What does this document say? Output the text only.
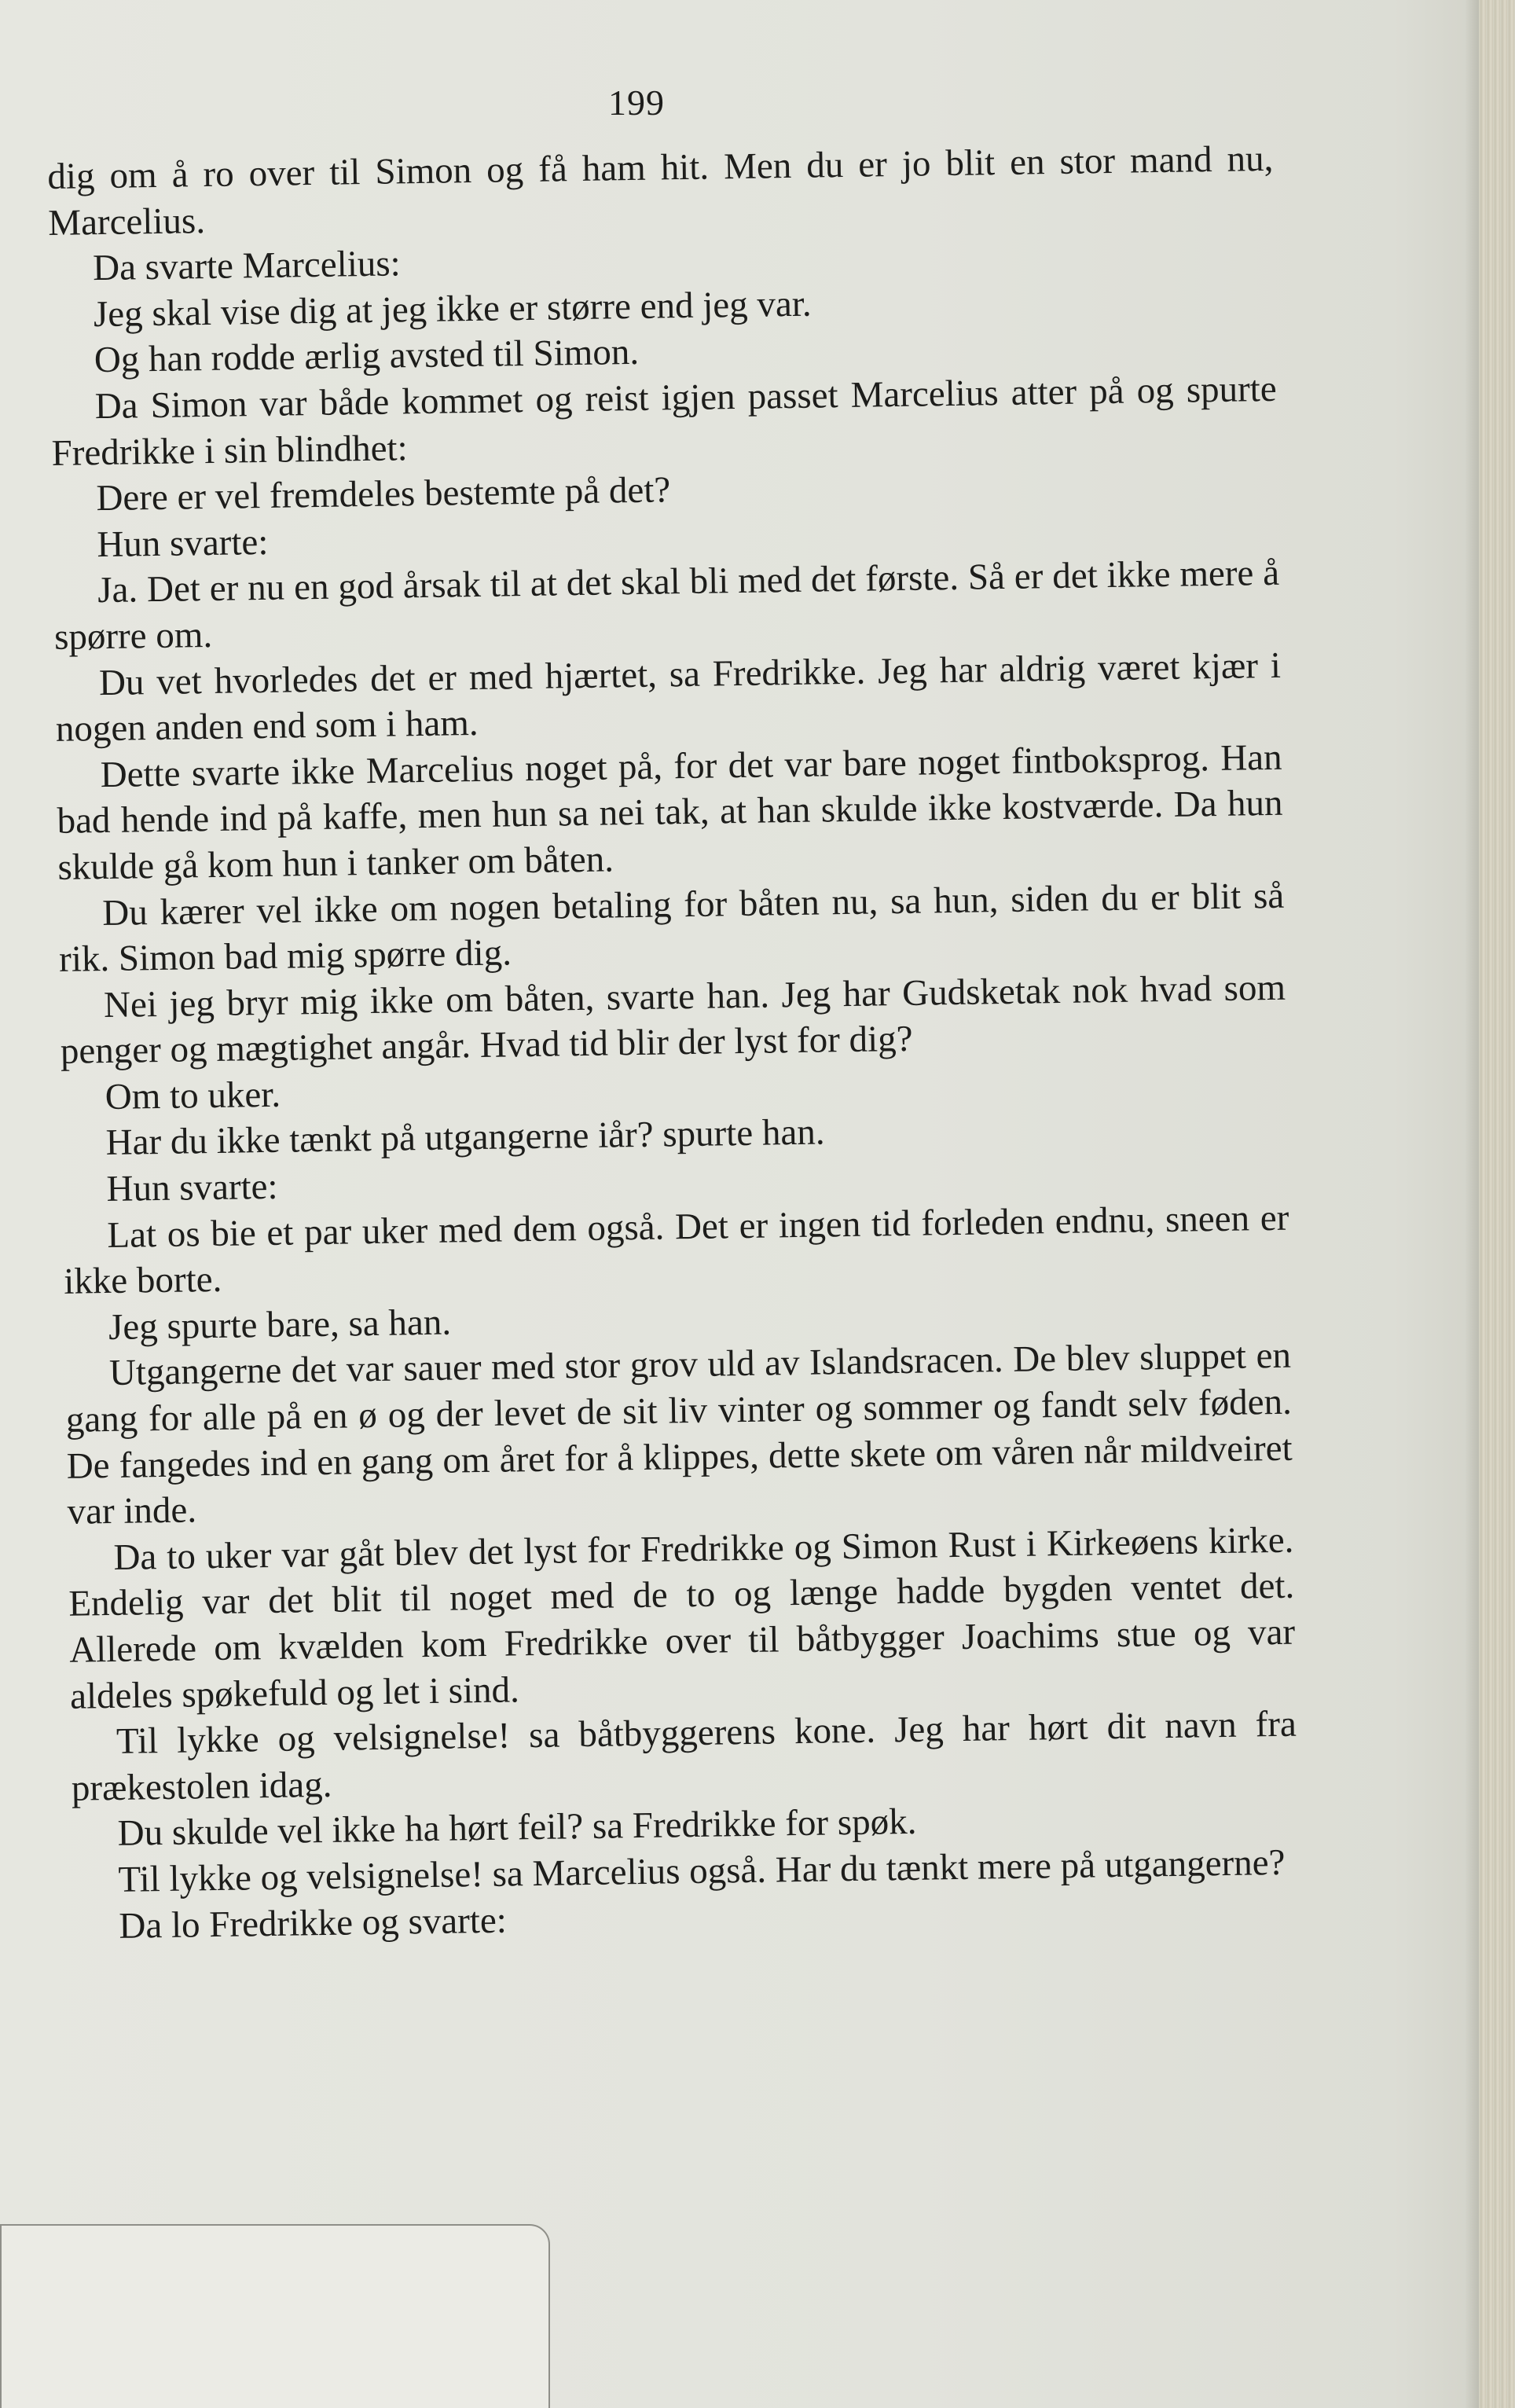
199

dig om å ro over til Simon og få ham hit. Men du er jo blit en stor mand nu, Marcelius.

Da svarte Marcelius:

Jeg skal vise dig at jeg ikke er større end jeg var.

Og han rodde ærlig avsted til Simon.

Da Simon var både kommet og reist igjen passet Marcelius atter på og spurte Fredrikke i sin blindhet:

Dere er vel fremdeles bestemte på det?

Hun svarte:

Ja. Det er nu en god årsak til at det skal bli med det første. Så er det ikke mere å spørre om.

Du vet hvorledes det er med hjærtet, sa Fredrikke. Jeg har aldrig været kjær i nogen anden end som i ham.

Dette svarte ikke Marcelius noget på, for det var bare noget fintboksprog. Han bad hende ind på kaffe, men hun sa nei tak, at han skulde ikke kostværde. Da hun skulde gå kom hun i tanker om båten.

Du kærer vel ikke om nogen betaling for båten nu, sa hun, siden du er blit så rik. Simon bad mig spørre dig.

Nei jeg bryr mig ikke om båten, svarte han. Jeg har Gudsketak nok hvad som penger og mægtighet angår. Hvad tid blir der lyst for dig?

Om to uker.

Har du ikke tænkt på utgangerne iår? spurte han.

Hun svarte:

Lat os bie et par uker med dem også. Det er ingen tid forleden endnu, sneen er ikke borte.

Jeg spurte bare, sa han.

Utgangerne det var sauer med stor grov uld av Islandsracen. De blev sluppet en gang for alle på en ø og der levet de sit liv vinter og sommer og fandt selv føden. De fangedes ind en gang om året for å klippes, dette skete om våren når mildveiret var inde.

Da to uker var gåt blev det lyst for Fredrikke og Simon Rust i Kirkeøens kirke. Endelig var det blit til noget med de to og længe hadde bygden ventet det. Allerede om kvælden kom Fredrikke over til båtbygger Joachims stue og var aldeles spøkefuld og let i sind.

Til lykke og velsignelse! sa båtbyggerens kone. Jeg har hørt dit navn fra prækestolen idag.

Du skulde vel ikke ha hørt feil? sa Fredrikke for spøk.

Til lykke og velsignelse! sa Marcelius også. Har du tænkt mere på utgangerne?

Da lo Fredrikke og svarte:
